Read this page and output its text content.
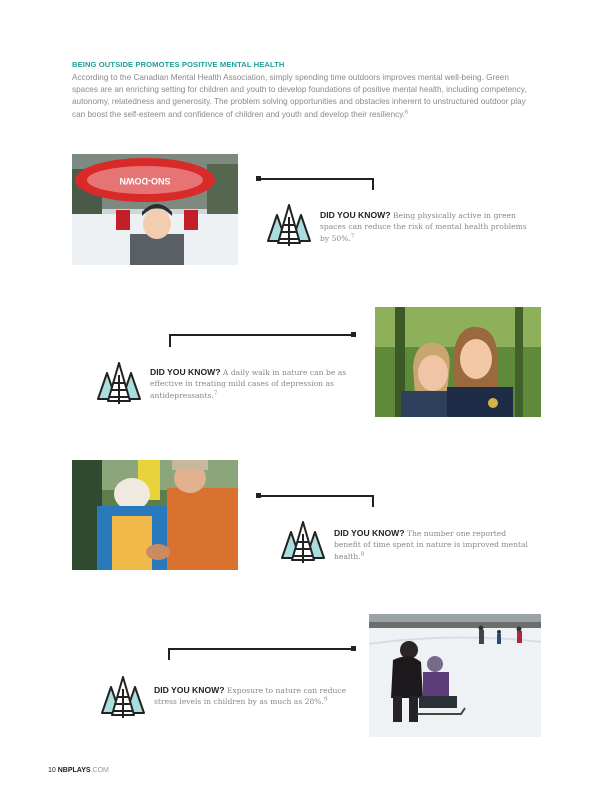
BEING OUTSIDE PROMOTES POSITIVE MENTAL HEALTH
According to the Canadian Mental Health Association, simply spending time outdoors improves mental well-being. Green spaces are an enriching setting for children and youth to develop foundations of positive mental health, including competency, autonomy, relatedness and generosity. The problem solving opportunities and obstacles inherent to unstructured outdoor play can boost the self-esteem and confidence of children and youth and develop their resiliency.$^6$
SNO-DOWN
DID YOU KNOW? Being physically active in green spaces can reduce the risk of mental health problems by 50%.$^7$
DID YOU KNOW? A daily walk in nature can be as effective in treating mild cases of depression as antidepressants.$^7$
DID YOU KNOW? The number one reported benefit of time spent in nature is improved mental health.$^8$
DID YOU KNOW? Exposure to nature can reduce stress levels in children by as much as 28%.$^9$
10 NBPLAYS.COM
